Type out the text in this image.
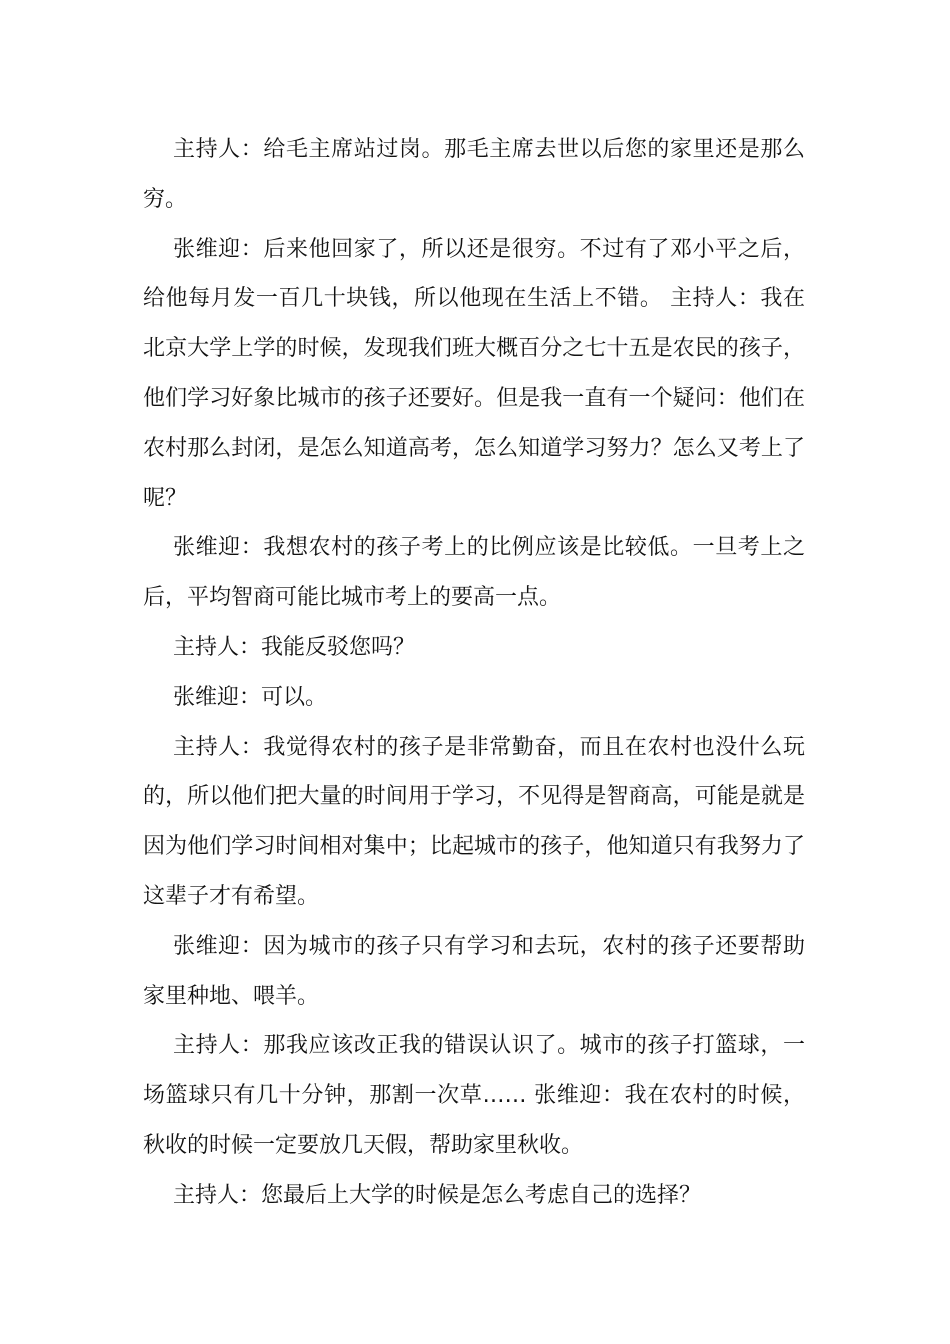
主持人：给毛主席站过岗。那毛主席去世以后您的家里还是那么穷。

张维迎：后来他回家了，所以还是很穷。不过有了邓小平之后，给他每月发一百几十块钱，所以他现在生活上不错。 主持人：我在北京大学上学的时候，发现我们班大概百分之七十五是农民的孩子，他们学习好象比城市的孩子还要好。但是我一直有一个疑问：他们在农村那么封闭，是怎么知道高考，怎么知道学习努力？怎么又考上了呢？

张维迎：我想农村的孩子考上的比例应该是比较低。一旦考上之后，平均智商可能比城市考上的要高一点。

主持人：我能反驳您吗？

张维迎：可以。

主持人：我觉得农村的孩子是非常勤奋，而且在农村也没什么玩的，所以他们把大量的时间用于学习，不见得是智商高，可能是就是因为他们学习时间相对集中；比起城市的孩子，他知道只有我努力了这辈子才有希望。

张维迎：因为城市的孩子只有学习和去玩，农村的孩子还要帮助家里种地、喂羊。

主持人：那我应该改正我的错误认识了。城市的孩子打篮球，一场篮球只有几十分钟，那割一次草…… 张维迎：我在农村的时候，秋收的时候一定要放几天假，帮助家里秋收。

主持人：您最后上大学的时候是怎么考虑自己的选择？
